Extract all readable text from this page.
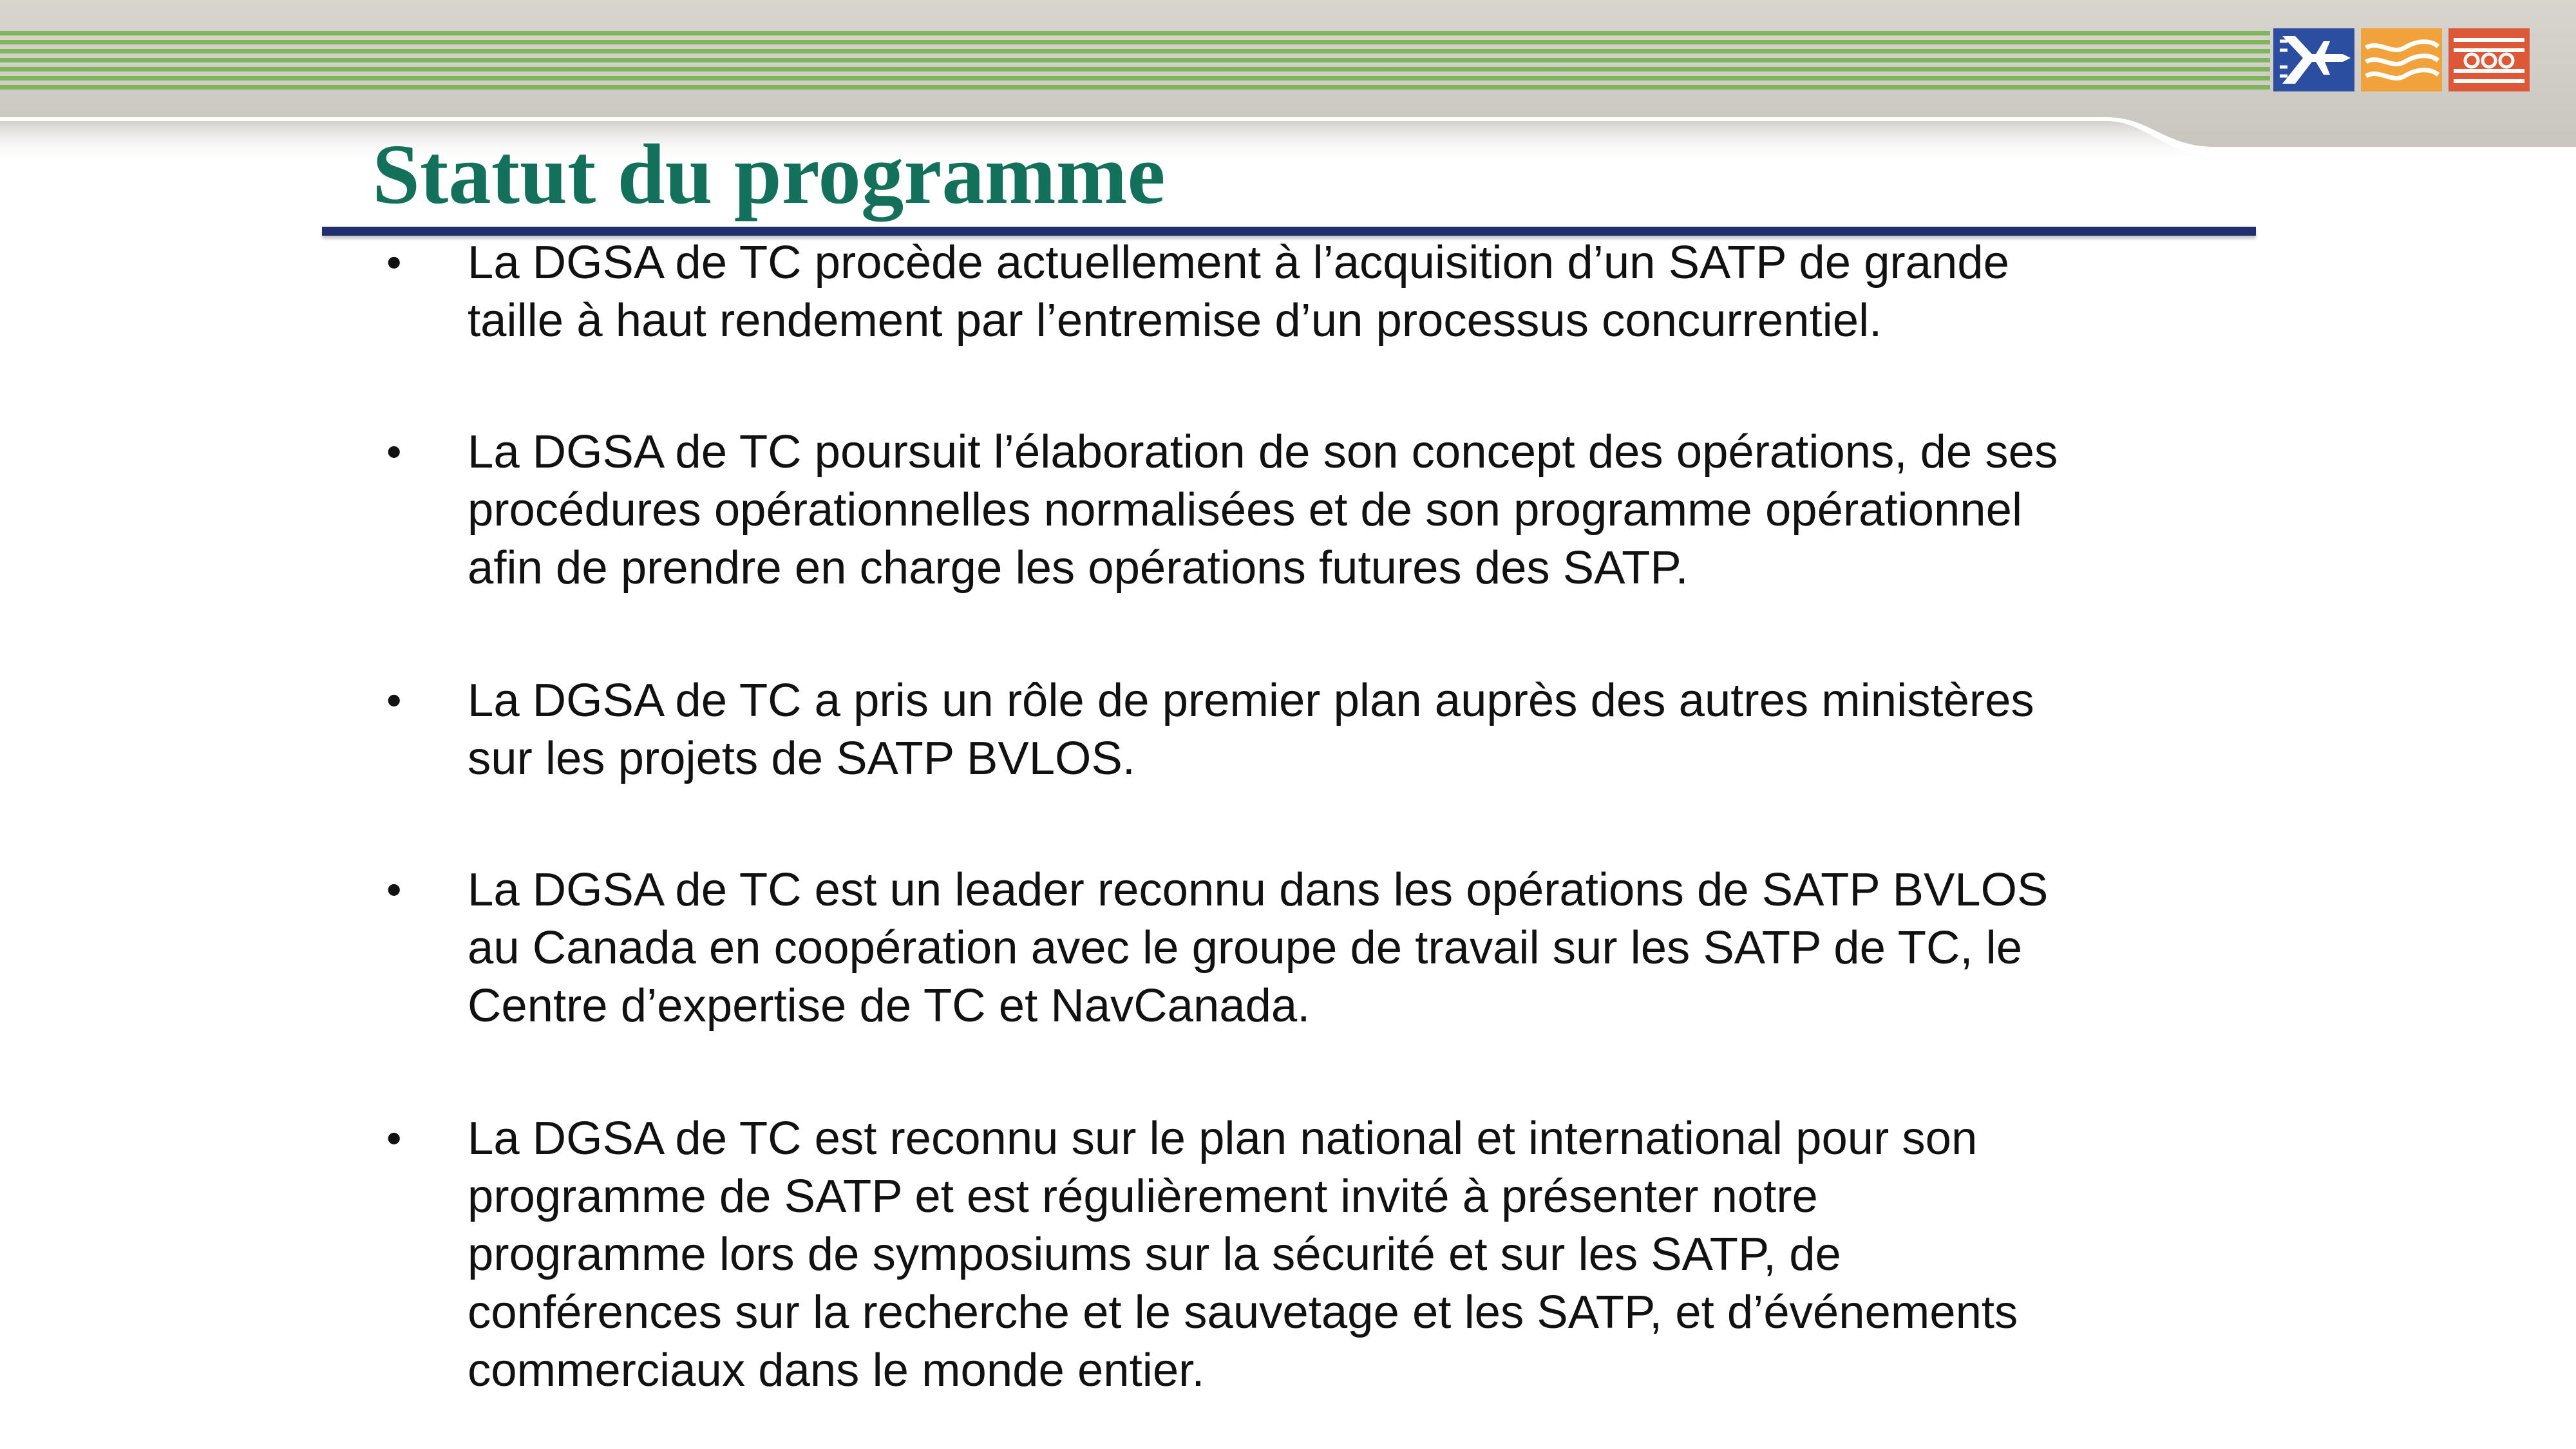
Statut du programme
• La DGSA de TC procède actuellement à l’acquisition d’un SATP de grande
taille à haut rendement par l’entremise d’un processus concurrentiel.
• La DGSA de TC poursuit l’élaboration de son concept des opérations, de ses
procédures opérationnelles normalisées et de son programme opérationnel
afin de prendre en charge les opérations futures des SATP.
• La DGSA de TC a pris un rôle de premier plan auprès des autres ministères
sur les projets de SATP BVLOS.
• La DGSA de TC est un leader reconnu dans les opérations de SATP BVLOS
au Canada en coopération avec le groupe de travail sur les SATP de TC, le
Centre d’expertise de TC et NavCanada.
• La DGSA de TC est reconnu sur le plan national et international pour son
programme de SATP et est régulièrement invité à présenter notre
programme lors de symposiums sur la sécurité et sur les SATP, de
conférences sur la recherche et le sauvetage et les SATP, et d’événements
commerciaux dans le monde entier.
